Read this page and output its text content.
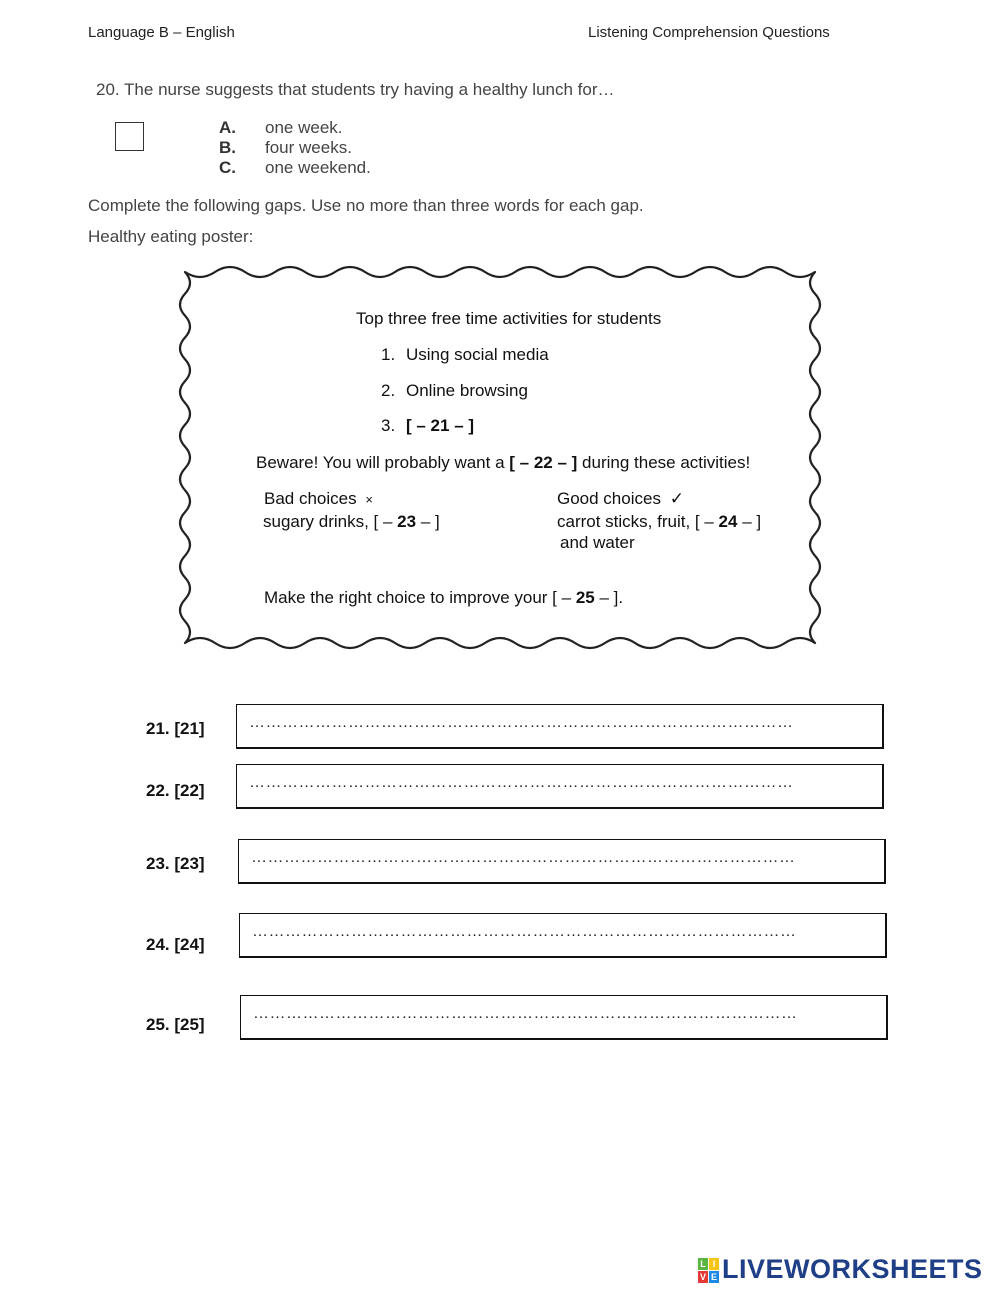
Language B – English	Listening Comprehension Questions
20. The nurse suggests that students try having a healthy lunch for…
A. one week.
B. four weeks.
C. one weekend.
Complete the following gaps. Use no more than three words for each gap.
Healthy eating poster:
Top three free time activities for students
1. Using social media
2. Online browsing
3. [ – 21 – ]
Beware! You will probably want a [ – 22 – ] during these activities!
Bad choices ×
sugary drinks, [ – 23 – ]
Good choices ✓
carrot sticks, fruit, [ – 24 – ]
and water
Make the right choice to improve your [ – 25 – ].
21. [21]	………………………………………………………………………………………
22. [22]	………………………………………………………………………………………
23. [23]	………………………………………………………………………………………
24. [24]
………………………………………………………………………………………
25. [25]
………………………………………………………………………………………
L I
V E LIVEWORKSHEETS
